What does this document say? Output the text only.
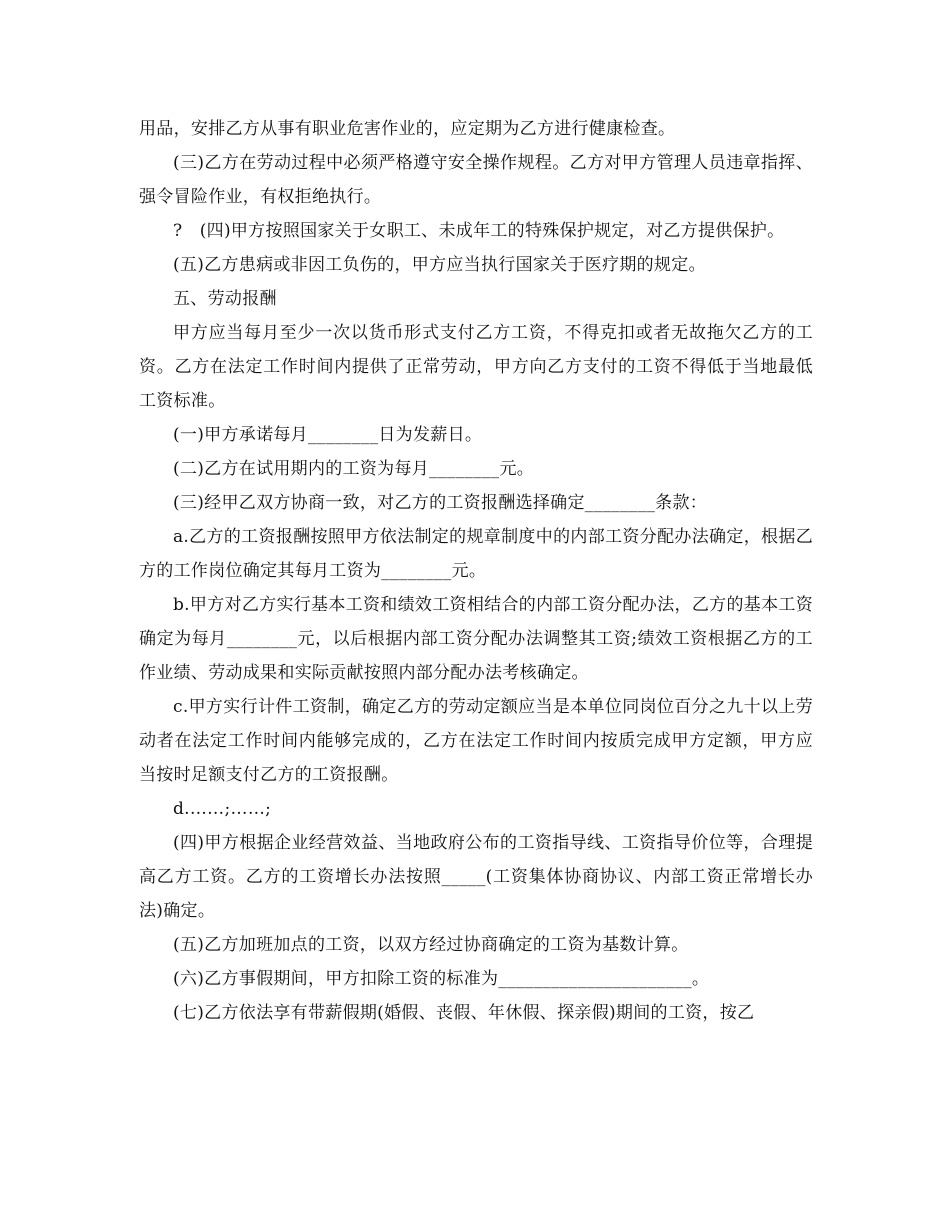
用品，安排乙方从事有职业危害作业的，应定期为乙方进行健康检查。

(三)乙方在劳动过程中必须严格遵守安全操作规程。乙方对甲方管理人员违章指挥、强令冒险作业，有权拒绝执行。

?　(四)甲方按照国家关于女职工、未成年工的特殊保护规定，对乙方提供保护。

(五)乙方患病或非因工负伤的，甲方应当执行国家关于医疗期的规定。

五、劳动报酬

甲方应当每月至少一次以货币形式支付乙方工资，不得克扣或者无故拖欠乙方的工资。乙方在法定工作时间内提供了正常劳动，甲方向乙方支付的工资不得低于当地最低工资标准。

(一)甲方承诺每月________日为发薪日。

(二)乙方在试用期内的工资为每月________元。

(三)经甲乙双方协商一致，对乙方的工资报酬选择确定________条款：

a.乙方的工资报酬按照甲方依法制定的规章制度中的内部工资分配办法确定，根据乙方的工作岗位确定其每月工资为________元。

b.甲方对乙方实行基本工资和绩效工资相结合的内部工资分配办法，乙方的基本工资确定为每月________元，以后根据内部工资分配办法调整其工资;绩效工资根据乙方的工作业绩、劳动成果和实际贡献按照内部分配办法考核确定。

c.甲方实行计件工资制，确定乙方的劳动定额应当是本单位同岗位百分之九十以上劳动者在法定工作时间内能够完成的，乙方在法定工作时间内按质完成甲方定额，甲方应当按时足额支付乙方的工资报酬。

d.……;……;

(四)甲方根据企业经营效益、当地政府公布的工资指导线、工资指导价位等，合理提高乙方工资。乙方的工资增长办法按照_____(工资集体协商协议、内部工资正常增长办法)确定。

(五)乙方加班加点的工资，以双方经过协商确定的工资为基数计算。

(六)乙方事假期间，甲方扣除工资的标准为______________________。

(七)乙方依法享有带薪假期(婚假、丧假、年休假、探亲假)期间的工资，按乙
